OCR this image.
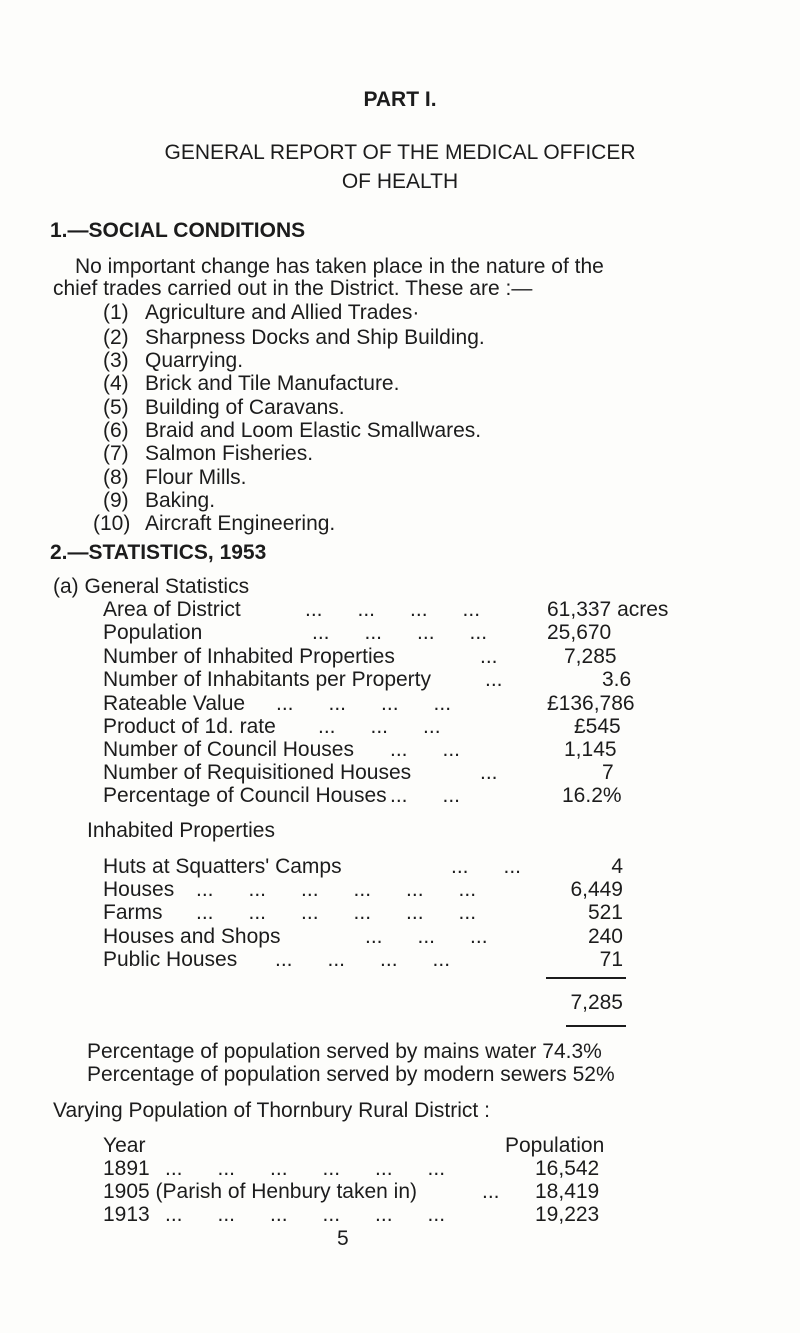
PART I.
GENERAL REPORT OF THE MEDICAL OFFICER
OF HEALTH
1.—SOCIAL CONDITIONS
No important change has taken place in the nature of the
chief trades carried out in the District. These are :—
(1) Agriculture and Allied Trades·
(2) Sharpness Docks and Ship Building.
(3) Quarrying.
(4) Brick and Tile Manufacture.
(5) Building of Caravans.
(6) Braid and Loom Elastic Smallwares.
(7) Salmon Fisheries.
(8) Flour Mills.
(9) Baking.
(10) Aircraft Engineering.
2.—STATISTICS, 1953
(a) General Statistics
Area of District	...      ...      ...      ...	61,337 acres
Population	...      ...      ...      ...	25,670
Number of Inhabited Properties	...	7,285
Number of Inhabitants per Property	...	3.6
Rateable Value ...      ...      ...      ...	£136,786
Product of 1d. rate ...      ...      ...	£545
Number of Council Houses ...      ...	1,145
Number of Requisitioned Houses	...	7
Percentage of Council Houses ...      ...	16.2%
Inhabited Properties
Huts at Squatters' Camps	...      ...	4
Houses ...      ...      ...      ...      ...      ...	6,449
Farms ...      ...      ...      ...      ...      ...	521
Houses and Shops	...      ...      ...	240
Public Houses ...      ...      ...      ...	71
7,285
Percentage of population served by mains water 74.3%
Percentage of population served by modern sewers 52%
Varying Population of Thornbury Rural District :
Year	Population
1891 ...      ...      ...      ...      ...      ...	16,542
1905 (Parish of Henbury taken in)	... 18,419
1913 ...      ...      ...      ...      ...      ...	19,223
5
